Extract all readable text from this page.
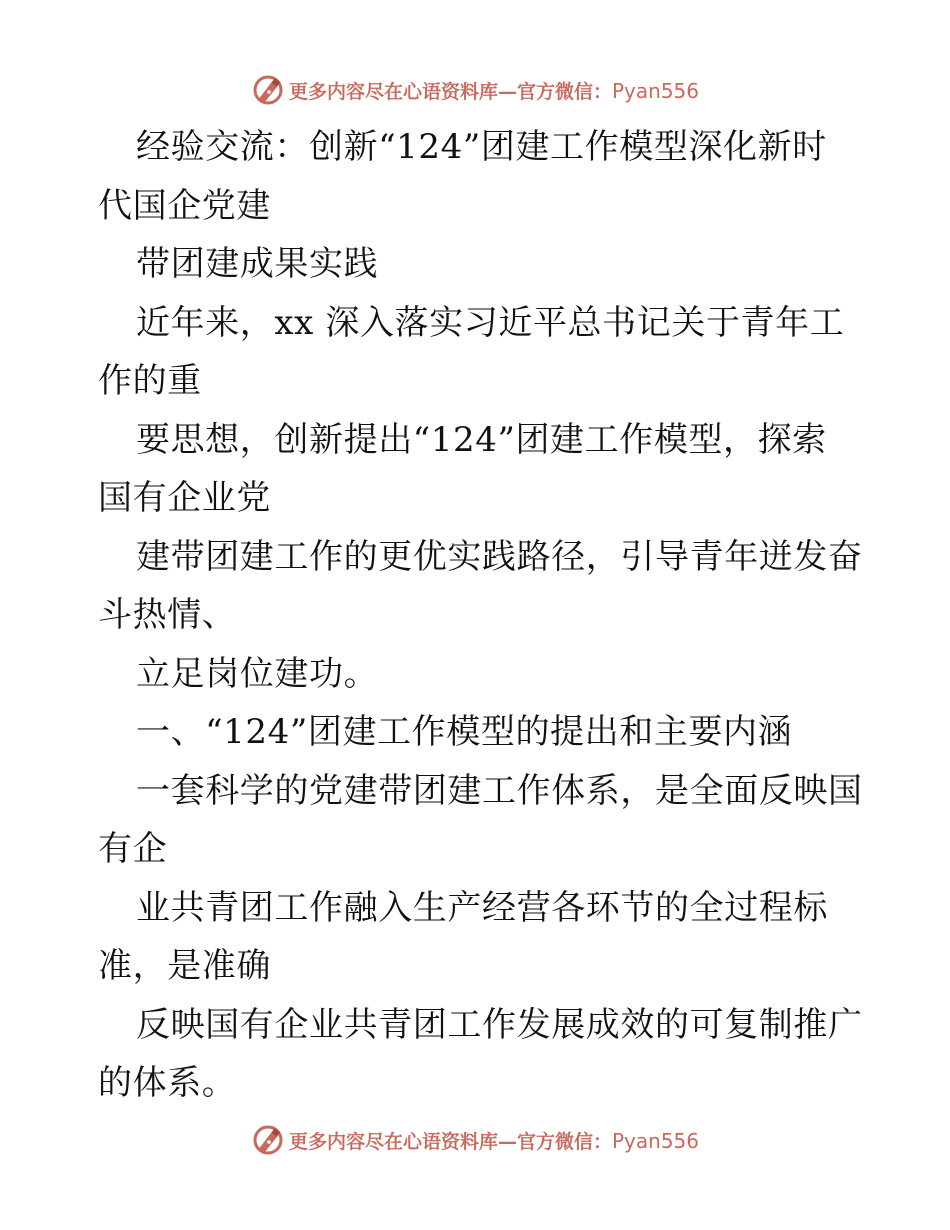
更多内容尽在心语资料库—官方微信：Pyan556
经验交流：创新“124”团建工作模型深化新时
代国企党建
带团建成果实践
近年来，xx 深入落实习近平总书记关于青年工
作的重
要思想，创新提出“124”团建工作模型，探索
国有企业党
建带团建工作的更优实践路径，引导青年迸发奋
斗热情、
立足岗位建功。
一、“124”团建工作模型的提出和主要内涵
一套科学的党建带团建工作体系，是全面反映国
有企
业共青团工作融入生产经营各环节的全过程标
准，是准确
反映国有企业共青团工作发展成效的可复制推广
的体系。
更多内容尽在心语资料库—官方微信：Pyan556
